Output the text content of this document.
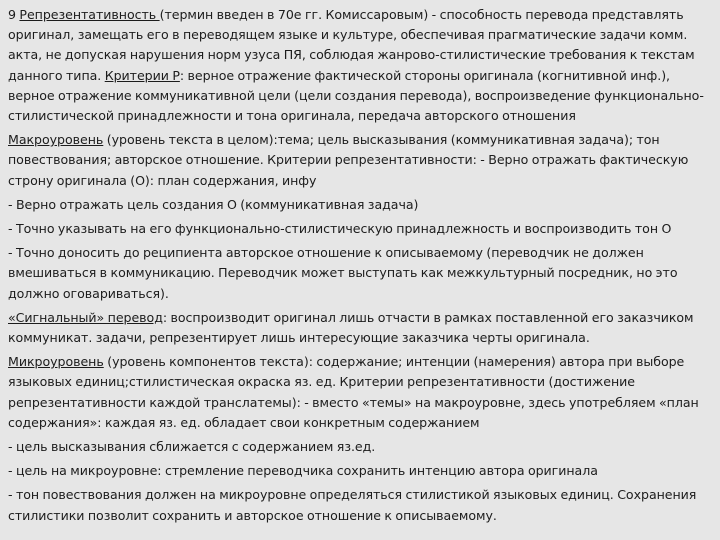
9 Репрезентативность (термин введен в 70е гг. Комиссаровым) - способность перевода представлять оригинал, замещать его в переводящем языке и культуре, обеспечивая прагматические задачи комм. акта, не допуская нарушения норм узуса ПЯ, соблюдая жанрово-стилистические требования к текстам данного типа. Критерии Р: верное отражение фактической стороны оригинала (когнитивной инф.), верное отражение коммуникативной цели (цели создания перевода), воспроизведение функционально-стилистической принадлежности и тона оригинала, передача авторского отношения

Макроуровень (уровень текста в целом):тема; цель высказывания (коммуникативная задача); тон повествования; авторское отношение. Критерии репрезентативности: - Верно отражать фактическую строну оригинала (О): план содержания, инфу

- Верно отражать цель создания О (коммуникативная задача)

- Точно указывать на его функционально-стилистическую принадлежность и воспроизводить тон О

- Точно доносить до реципиента авторское отношение к описываемому (переводчик не должен вмешиваться в коммуникацию. Переводчик может выступать как межкультурный посредник, но это должно оговариваться).

«Сигнальный» перевод: воспроизводит оригинал лишь отчасти в рамках поставленной его заказчиком коммуникат. задачи, репрезентирует лишь интересующие заказчика черты оригинала.

Микроуровень (уровень компонентов текста): содержание; интенции (намерения) автора при выборе языковых единиц;стилистическая окраска яз. ед. Критерии репрезентативности (достижение репрезентативности каждой транслатемы): - вместо «темы» на макроуровне, здесь употребляем «план содержания»: каждая яз. ед. обладает свои конкретным содержанием

- цель высказывания сближается с содержанием яз.ед.

- цель на микроуровне: стремление переводчика сохранить интенцию автора оригинала

- тон повествования должен на микроуровне определяться стилистикой языковых единиц. Сохранения стилистики позволит сохранить и авторское отношение к описываемому.
